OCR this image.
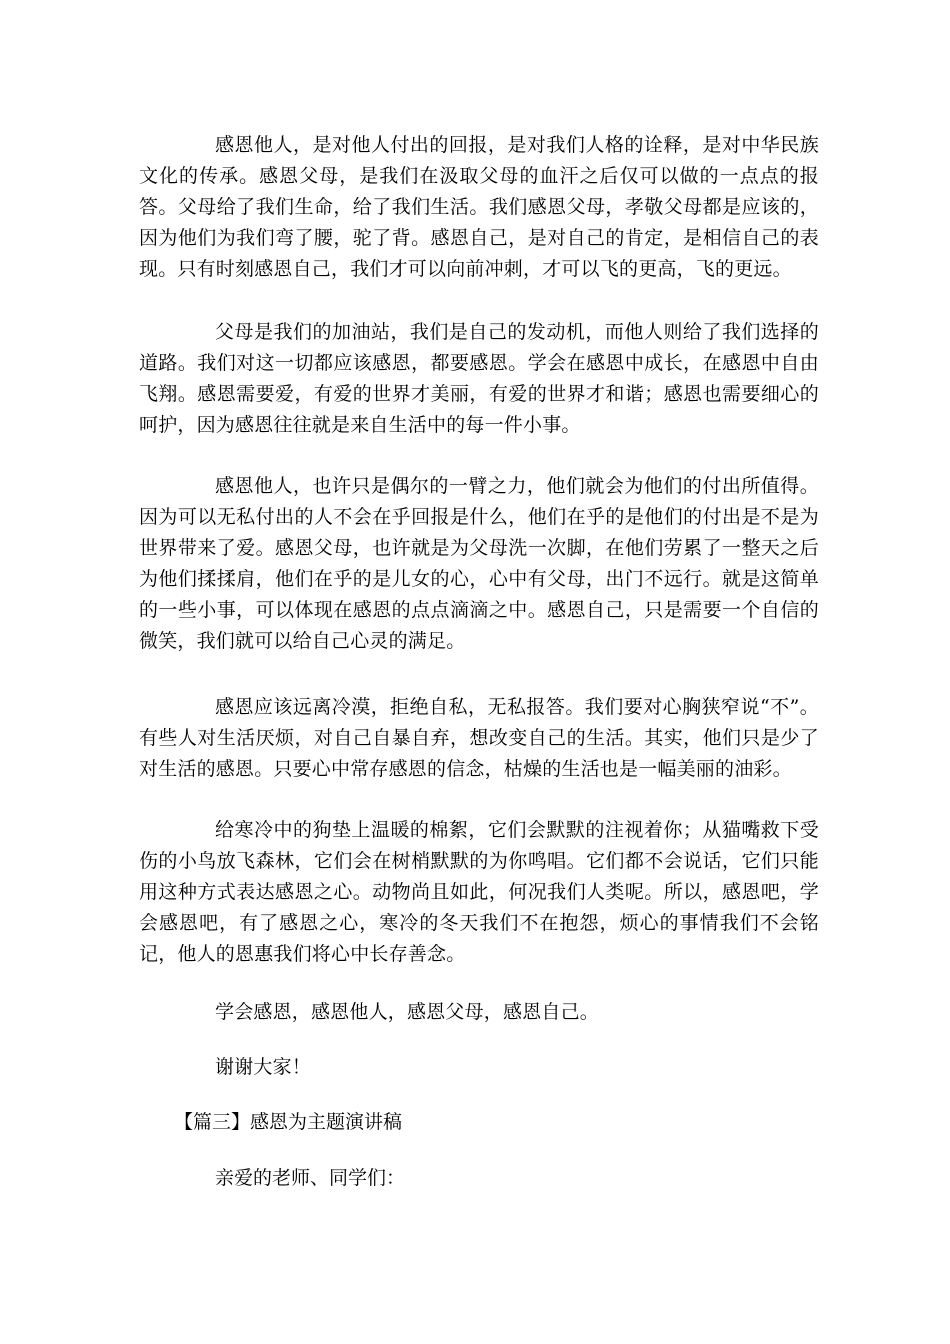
感恩他人，是对他人付出的回报，是对我们人格的诠释，是对中华民族文化的传承。感恩父母，是我们在汲取父母的血汗之后仅可以做的一点点的报答。父母给了我们生命，给了我们生活。我们感恩父母，孝敬父母都是应该的，因为他们为我们弯了腰，驼了背。感恩自己，是对自己的肯定，是相信自己的表现。只有时刻感恩自己，我们才可以向前冲刺，才可以飞的更高，飞的更远。

父母是我们的加油站，我们是自己的发动机，而他人则给了我们选择的道路。我们对这一切都应该感恩，都要感恩。学会在感恩中成长，在感恩中自由飞翔。感恩需要爱，有爱的世界才美丽，有爱的世界才和谐；感恩也需要细心的呵护，因为感恩往往就是来自生活中的每一件小事。

感恩他人，也许只是偶尔的一臂之力，他们就会为他们的付出所值得。因为可以无私付出的人不会在乎回报是什么，他们在乎的是他们的付出是不是为世界带来了爱。感恩父母，也许就是为父母洗一次脚，在他们劳累了一整天之后为他们揉揉肩，他们在乎的是儿女的心，心中有父母，出门不远行。就是这简单的一些小事，可以体现在感恩的点点滴滴之中。感恩自己，只是需要一个自信的微笑，我们就可以给自己心灵的满足。

感恩应该远离冷漠，拒绝自私，无私报答。我们要对心胸狭窄说“不”。有些人对生活厌烦，对自己自暴自弃，想改变自己的生活。其实，他们只是少了对生活的感恩。只要心中常存感恩的信念，枯燥的生活也是一幅美丽的油彩。

给寒冷中的狗垫上温暖的棉絮，它们会默默的注视着你；从猫嘴救下受伤的小鸟放飞森林，它们会在树梢默默的为你鸣唱。它们都不会说话，它们只能用这种方式表达感恩之心。动物尚且如此，何况我们人类呢。所以，感恩吧，学会感恩吧，有了感恩之心，寒冷的冬天我们不在抱怨，烦心的事情我们不会铭记，他人的恩惠我们将心中长存善念。

学会感恩，感恩他人，感恩父母，感恩自己。

谢谢大家！

【篇三】感恩为主题演讲稿

亲爱的老师、同学们：
